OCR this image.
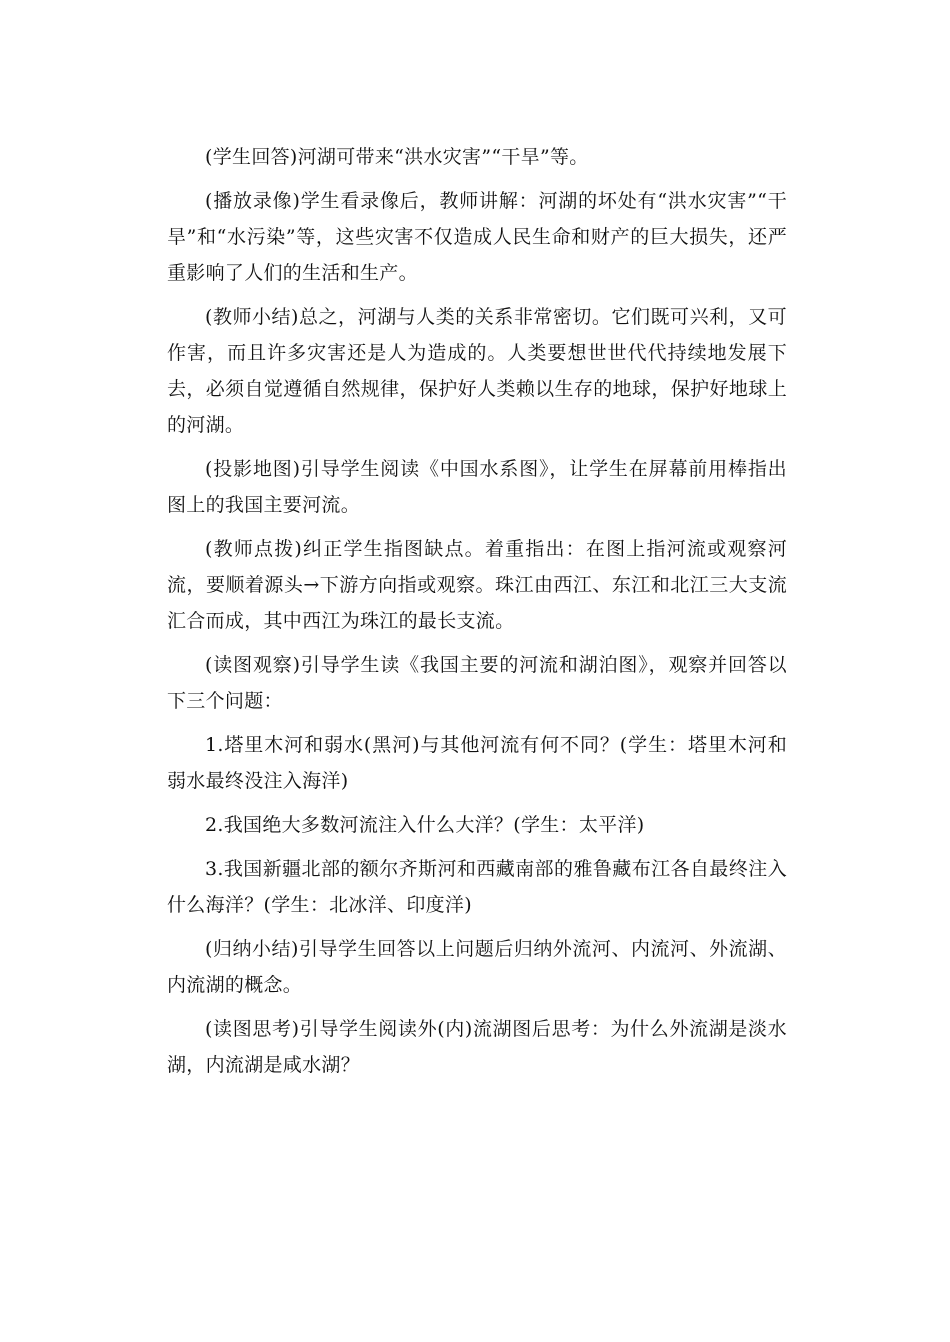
(学生回答)河湖可带来“洪水灾害”“干旱”等。

(播放录像)学生看录像后，教师讲解：河湖的坏处有“洪水灾害”“干旱”和“水污染”等，这些灾害不仅造成人民生命和财产的巨大损失，还严重影响了人们的生活和生产。

(教师小结)总之，河湖与人类的关系非常密切。它们既可兴利，又可作害，而且许多灾害还是人为造成的。人类要想世世代代持续地发展下去，必须自觉遵循自然规律，保护好人类赖以生存的地球，保护好地球上的河湖。

(投影地图)引导学生阅读《中国水系图》，让学生在屏幕前用棒指出图上的我国主要河流。

(教师点拨)纠正学生指图缺点。着重指出：在图上指河流或观察河流，要顺着源头→下游方向指或观察。珠江由西江、东江和北江三大支流汇合而成，其中西江为珠江的最长支流。

(读图观察)引导学生读《我国主要的河流和湖泊图》，观察并回答以下三个问题：

1.塔里木河和弱水(黑河)与其他河流有何不同？(学生：塔里木河和弱水最终没注入海洋)

2.我国绝大多数河流注入什么大洋？(学生：太平洋)

3.我国新疆北部的额尔齐斯河和西藏南部的雅鲁藏布江各自最终注入什么海洋？(学生：北冰洋、印度洋)

(归纳小结)引导学生回答以上问题后归纳外流河、内流河、外流湖、内流湖的概念。

(读图思考)引导学生阅读外(内)流湖图后思考：为什么外流湖是淡水湖，内流湖是咸水湖？
